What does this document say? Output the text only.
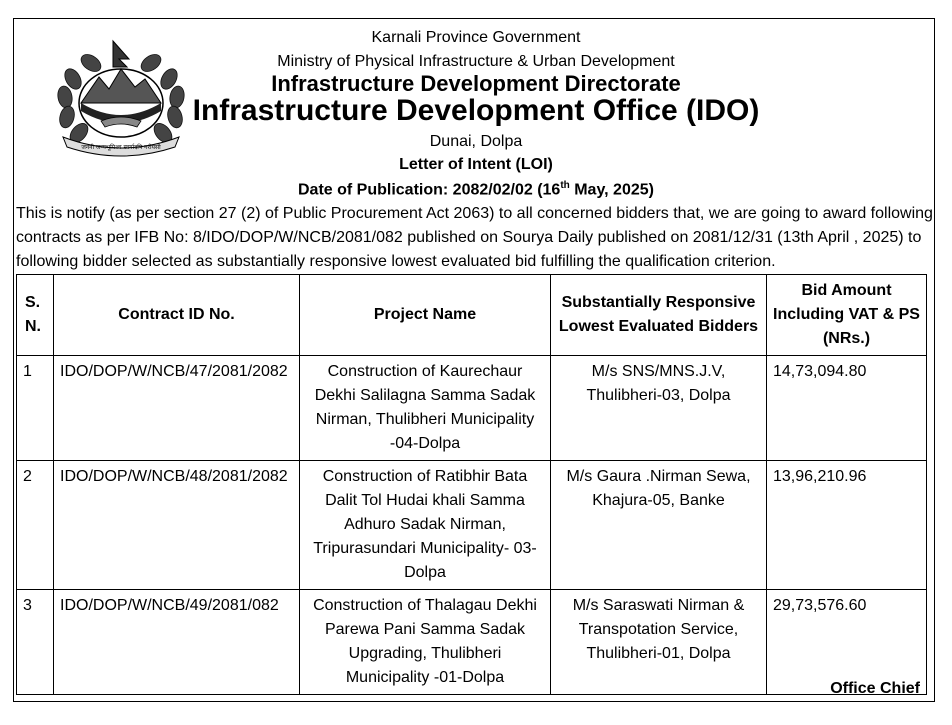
जननी जन्मभूमिश्च स्वर्गादपि गरीयसी
Karnali Province Government
Ministry of Physical Infrastructure & Urban Development
Infrastructure Development Directorate
Infrastructure Development Office (IDO)
Dunai, Dolpa
Letter of Intent (LOI)
Date of Publication: 2082/02/02 (16th May, 2025)
This is notify (as per section 27 (2) of Public Procurement Act 2063) to all concerned bidders that, we are going to award following
contracts as per IFB No: 8/IDO/DOP/W/NCB/2081/082 published on Sourya Daily published on 2081/12/31 (13th April , 2025) to
following bidder selected as substantially responsive lowest evaluated bid fulfilling the qualification criterion.
S. N.	Contract ID No.	Project Name	Substantially Responsive Lowest Evaluated Bidders	Bid Amount Including VAT & PS (NRs.)
1	IDO/DOP/W/NCB/47/2081/2082	Construction of Kaurechaur Dekhi Salilagna Samma Sadak Nirman, Thulibheri Municipality -04-Dolpa	M/s SNS/MNS.J.V, Thulibheri-03, Dolpa	14,73,094.80
2	IDO/DOP/W/NCB/48/2081/2082	Construction of Ratibhir Bata Dalit Tol Hudai khali Samma Adhuro Sadak Nirman, Tripurasundari Municipality- 03-Dolpa	M/s Gaura .Nirman Sewa, Khajura-05, Banke	13,96,210.96
3	IDO/DOP/W/NCB/49/2081/082	Construction of Thalagau Dekhi Parewa Pani Samma Sadak Upgrading, Thulibheri Municipality -01-Dolpa	M/s Saraswati Nirman & Transpotation Service, Thulibheri-01, Dolpa	29,73,576.60
Office Chief
